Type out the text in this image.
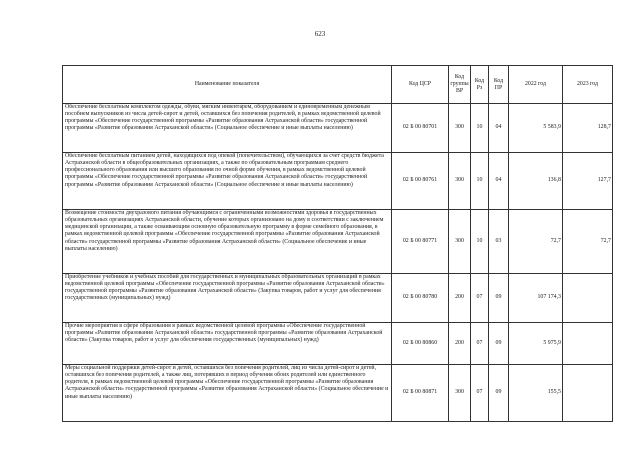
623
Наименование показателя	Код ЦСР	Код группы ВР	Код Рз	Код ПР	2022 год	2023 год
Обеспечение бесплатным комплектом одежды, обуви, мягким инвентарем, оборудованием и единовременным денежным пособием выпускников из числа детей-сирот и детей, оставшихся без попечения родителей, в рамках ведомственной целевой программы «Обеспечение государственной программы «Развитие образования Астраханской области» государственной программы «Развитие образования Астраханской области» (Социальное обеспечение и иные выплаты населению)	02 Б 00 80701	300	10	04	5 583,9	128,7
Обеспечение бесплатным питанием детей, находящихся под опекой (попечительством), обучающихся за счет средств бюджета Астраханской области в общеобразовательных организациях, а также по образовательным программам среднего профессионального образования или высшего образования по очной форме обучения, в рамках ведомственной целевой программы «Обеспечение государственной программы «Развитие образования Астраханской области» государственной программы «Развитие образования Астраханской области» (Социальное обеспечение и иные выплаты населению)	02 Б 00 80761	300	10	04	136,8	127,7
Возмещение стоимости двухразового питания обучающимся с ограниченными возможностями здоровья в государственных образовательных организациях Астраханской области, обучение которых организовано на дому в соответствии с заключением медицинской организации, а также осваивающим основную образовательную программу в форме семейного образования, в рамках ведомственной целевой программы «Обеспечение государственной программы «Развитие образования Астраханской области» государственной программы «Развитие образования Астраханской области» (Социальное обеспечение и иные выплаты населению)	02 Б 00 80771	300	10	03	72,7	72,7
Приобретение учебников и учебных пособий для государственных и муниципальных образовательных организаций в рамках ведомственной целевой программы «Обеспечение государственной программы «Развитие образования Астраханской области» государственной программы «Развитие образования Астраханской области» (Закупка товаров, работ и услуг для обеспечения государственных (муниципальных) нужд)	02 Б 00 80780	200	07	09	107 174,3	
Прочие мероприятия в сфере образования в рамках ведомственной целевой программы «Обеспечение государственной программы «Развитие образования Астраханской области» государственной программы «Развитие образования Астраханской области» (Закупка товаров, работ и услуг для обеспечения государственных (муниципальных) нужд)	02 Б 00 80860	200	07	09	5 975,9	
Меры социальной поддержки детей-сирот и детей, оставшихся без попечения родителей, лиц из числа детей-сирот и детей, оставшихся без попечения родителей, а также лиц, потерявших в период обучения обоих родителей или единственного родителя, в рамках ведомственной целевой программы «Обеспечение государственной программы «Развитие образования Астраханской области» государственной программы «Развитие образования Астраханской области» (Социальное обеспечение и иные выплаты населению)	02 Б 00 80871	300	07	09	155,5	
